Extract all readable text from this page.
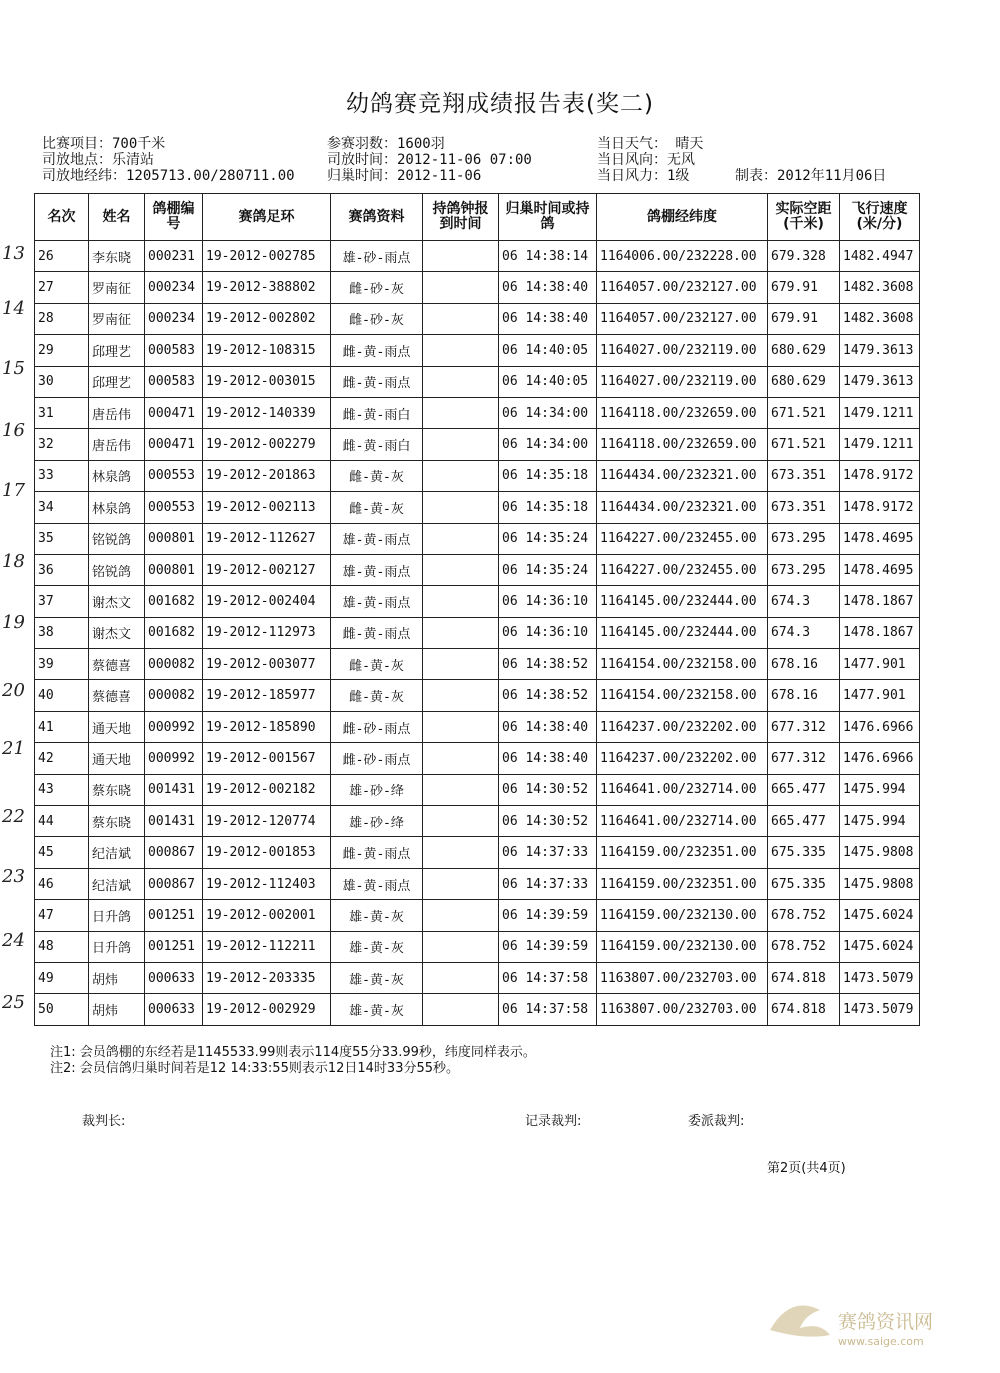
幼鸽赛竞翔成绩报告表(奖二)
比赛项目：700千米	参赛羽数：1600羽	当日天气： 晴天
司放地点：乐清站	司放时间：2012-11-06 07:00	当日风向：无风
司放地经纬：1205713.00/280711.00 归巢时间：2012-11-06	当日风力：1级	制表：2012年11月06日
名次	姓名	鸽棚编号	赛鸽足环	赛鸽资料	持鸽钟报到时间	归巢时间或持鸽	鸽棚经纬度	实际空距(千米)	飞行速度(米/分)
26	李东晓	000231	19-2012-002785	雄-砂-雨点		06 14:38:14	1164006.00/232228.00	679.328	1482.4947
27	罗南征	000234	19-2012-388802	雌-砂-灰		06 14:38:40	1164057.00/232127.00	679.91	1482.3608
28	罗南征	000234	19-2012-002802	雌-砂-灰		06 14:38:40	1164057.00/232127.00	679.91	1482.3608
29	邱理艺	000583	19-2012-108315	雌-黄-雨点		06 14:40:05	1164027.00/232119.00	680.629	1479.3613
30	邱理艺	000583	19-2012-003015	雌-黄-雨点		06 14:40:05	1164027.00/232119.00	680.629	1479.3613
31	唐岳伟	000471	19-2012-140339	雌-黄-雨白		06 14:34:00	1164118.00/232659.00	671.521	1479.1211
32	唐岳伟	000471	19-2012-002279	雌-黄-雨白		06 14:34:00	1164118.00/232659.00	671.521	1479.1211
33	林泉鸽	000553	19-2012-201863	雌-黄-灰		06 14:35:18	1164434.00/232321.00	673.351	1478.9172
34	林泉鸽	000553	19-2012-002113	雌-黄-灰		06 14:35:18	1164434.00/232321.00	673.351	1478.9172
35	铭锐鸽	000801	19-2012-112627	雄-黄-雨点		06 14:35:24	1164227.00/232455.00	673.295	1478.4695
36	铭锐鸽	000801	19-2012-002127	雄-黄-雨点		06 14:35:24	1164227.00/232455.00	673.295	1478.4695
37	谢杰文	001682	19-2012-002404	雄-黄-雨点		06 14:36:10	1164145.00/232444.00	674.3	1478.1867
38	谢杰文	001682	19-2012-112973	雌-黄-雨点		06 14:36:10	1164145.00/232444.00	674.3	1478.1867
39	蔡德喜	000082	19-2012-003077	雌-黄-灰		06 14:38:52	1164154.00/232158.00	678.16	1477.901
40	蔡德喜	000082	19-2012-185977	雌-黄-灰		06 14:38:52	1164154.00/232158.00	678.16	1477.901
41	通天地	000992	19-2012-185890	雌-砂-雨点		06 14:38:40	1164237.00/232202.00	677.312	1476.6966
42	通天地	000992	19-2012-001567	雌-砂-雨点		06 14:38:40	1164237.00/232202.00	677.312	1476.6966
43	蔡东晓	001431	19-2012-002182	雄-砂-绛		06 14:30:52	1164641.00/232714.00	665.477	1475.994
44	蔡东晓	001431	19-2012-120774	雄-砂-绛		06 14:30:52	1164641.00/232714.00	665.477	1475.994
45	纪洁斌	000867	19-2012-001853	雌-黄-雨点		06 14:37:33	1164159.00/232351.00	675.335	1475.9808
46	纪洁斌	000867	19-2012-112403	雄-黄-雨点		06 14:37:33	1164159.00/232351.00	675.335	1475.9808
47	日升鸽	001251	19-2012-002001	雄-黄-灰		06 14:39:59	1164159.00/232130.00	678.752	1475.6024
48	日升鸽	001251	19-2012-112211	雄-黄-灰		06 14:39:59	1164159.00/232130.00	678.752	1475.6024
49	胡炜	000633	19-2012-203335	雄-黄-灰		06 14:37:58	1163807.00/232703.00	674.818	1473.5079
50	胡炜	000633	19-2012-002929	雄-黄-灰		06 14:37:58	1163807.00/232703.00	674.818	1473.5079
13
14
15
16
17
18
19
20
21
22
23
24
25
注1: 会员鸽棚的东经若是1145533.99则表示114度55分33.99秒，纬度同样表示。
注2: 会员信鸽归巢时间若是12 14:33:55则表示12日14时33分55秒。
裁判长:	记录裁判:	委派裁判:
第2页(共4页)
赛鸽资讯网
www.saige.com
